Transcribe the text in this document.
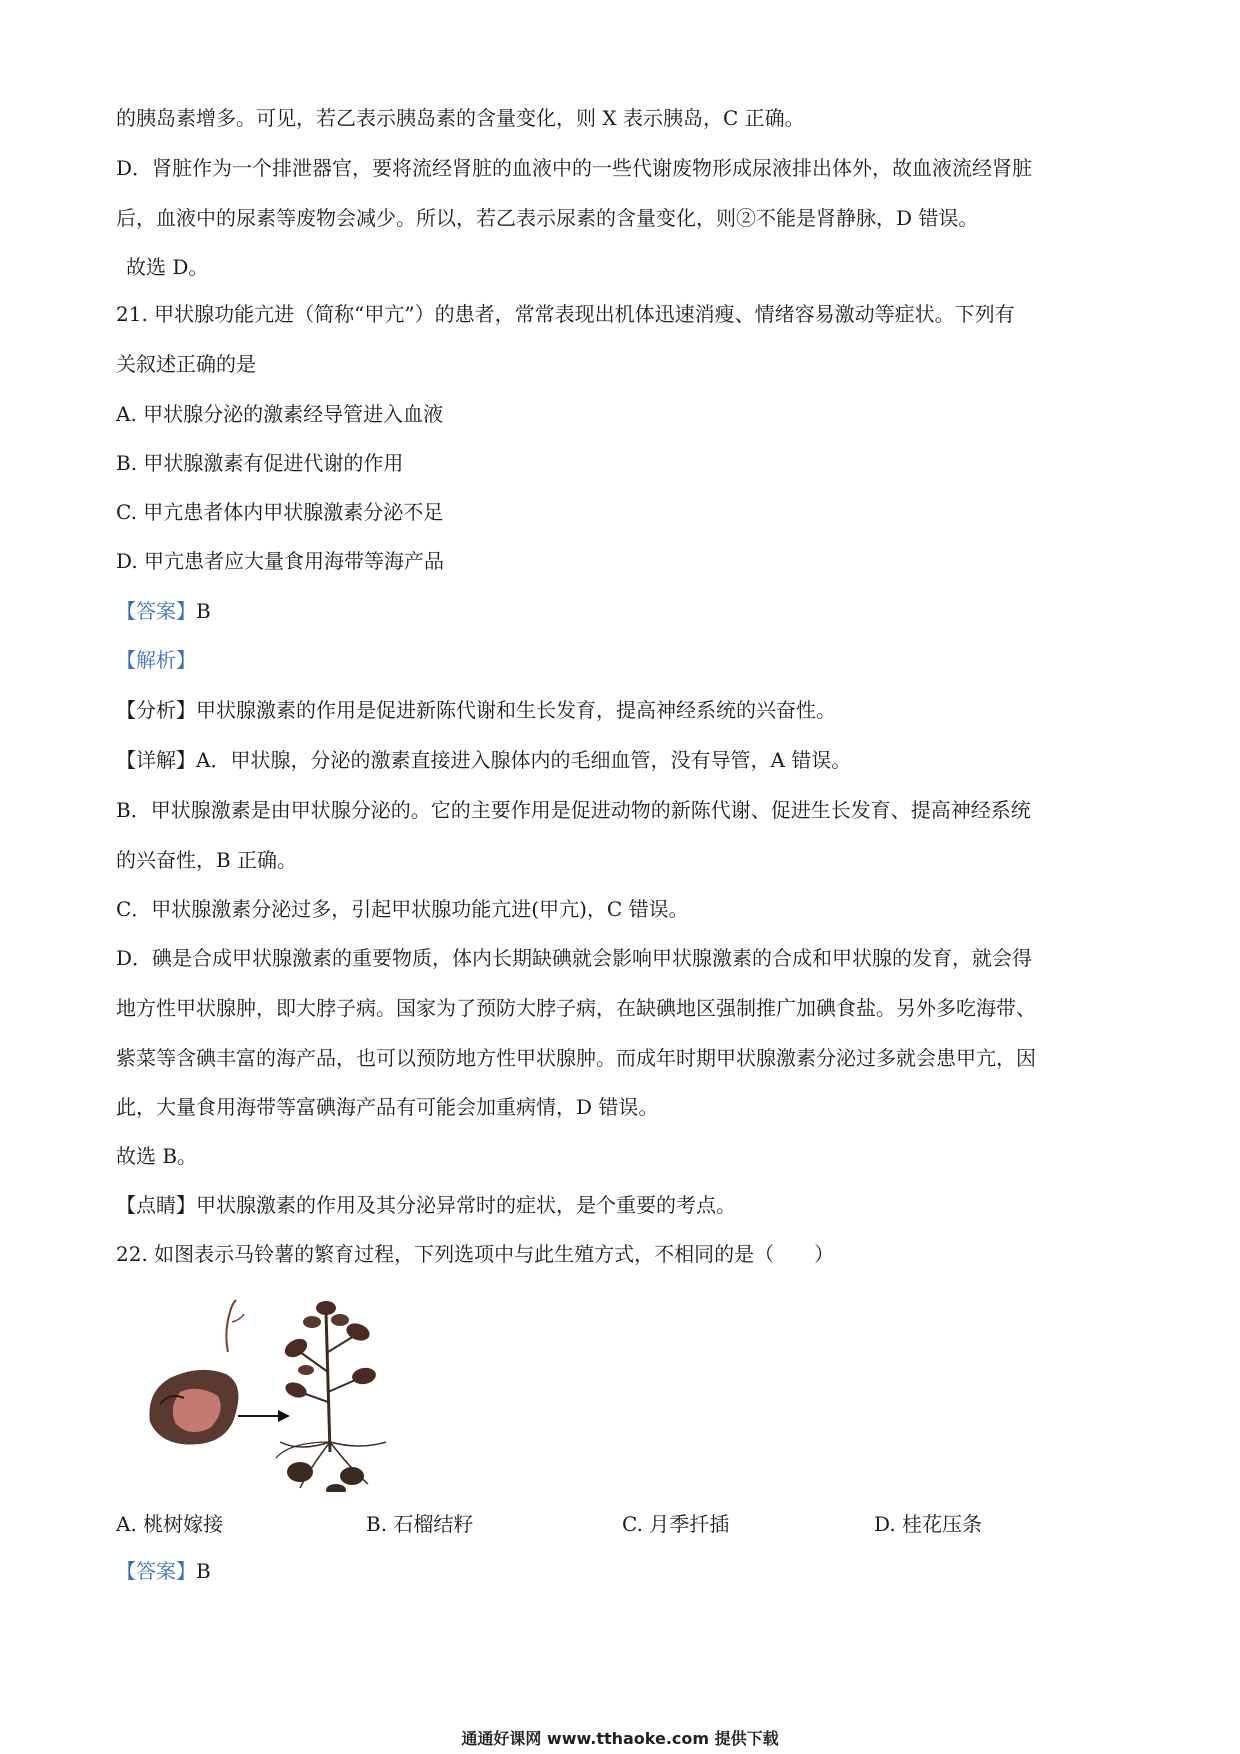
的胰岛素增多。可见，若乙表示胰岛素的含量变化，则 X 表示胰岛，C 正确。
D．肾脏作为一个排泄器官，要将流经肾脏的血液中的一些代谢废物形成尿液排出体外，故血液流经肾脏
后，血液中的尿素等废物会减少。所以，若乙表示尿素的含量变化，则②不能是肾静脉，D 错误。
故选 D。
21. 甲状腺功能亢进（简称“甲亢”）的患者，常常表现出机体迅速消瘦、情绪容易激动等症状。下列有
关叙述正确的是
A. 甲状腺分泌的激素经导管进入血液
B. 甲状腺激素有促进代谢的作用
C. 甲亢患者体内甲状腺激素分泌不足
D. 甲亢患者应大量食用海带等海产品
【答案】B
【解析】
【分析】甲状腺激素的作用是促进新陈代谢和生长发育，提高神经系统的兴奋性。
【详解】A．甲状腺，分泌的激素直接进入腺体内的毛细血管，没有导管，A 错误。
B．甲状腺激素是由甲状腺分泌的。它的主要作用是促进动物的新陈代谢、促进生长发育、提高神经系统
的兴奋性，B 正确。
C．甲状腺激素分泌过多，引起甲状腺功能亢进(甲亢)，C 错误。
D．碘是合成甲状腺激素的重要物质，体内长期缺碘就会影响甲状腺激素的合成和甲状腺的发育，就会得
地方性甲状腺肿，即大脖子病。国家为了预防大脖子病，在缺碘地区强制推广加碘食盐。另外多吃海带、
紫菜等含碘丰富的海产品，也可以预防地方性甲状腺肿。而成年时期甲状腺激素分泌过多就会患甲亢，因
此，大量食用海带等富碘海产品有可能会加重病情，D 错误。
故选 B。
【点睛】甲状腺激素的作用及其分泌异常时的症状，是个重要的考点。
22. 如图表示马铃薯的繁育过程，下列选项中与此生殖方式，不相同的是（　　）
A. 桃树嫁接	B. 石榴结籽	C. 月季扦插	D. 桂花压条
【答案】B
通通好课网 www.tthaoke.com 提供下载
